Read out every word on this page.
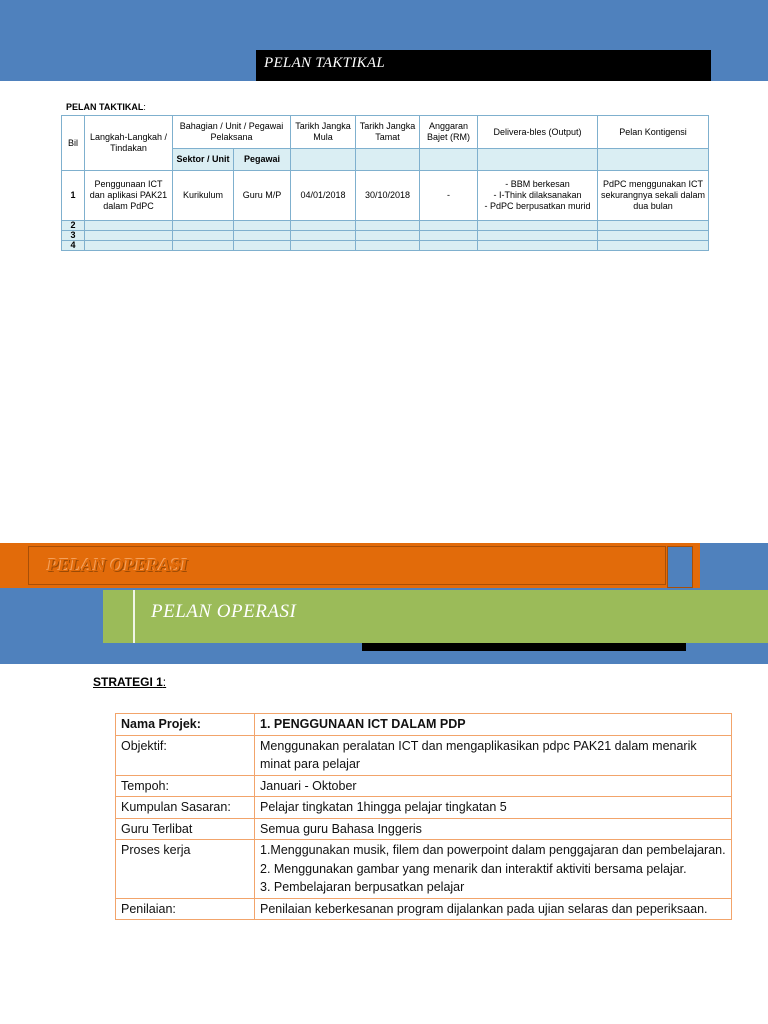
PELAN TAKTIKAL
PELAN TAKTIKAL:
Bil	Langkah-Langkah / Tindakan	Bahagian / Unit / Pegawai Pelaksana		Tarikh Jangka Mula	Tarikh Jangka Tamat	Anggaran Bajet (RM)	Delivera-bles (Output)	Pelan Kontigensi
		Sektor / Unit	Pegawai					
1	Penggunaan ICT dan aplikasi PAK21 dalam PdPC	Kurikulum	Guru M/P	04/01/2018	30/10/2018	-	- BBM berkesan
- I-Think dilaksanakan
- PdPC berpusatkan murid	PdPC menggunakan ICT sekurangnya sekali dalam dua bulan
2								
3								
4								
PELAN OPERASI
PELAN OPERASI
STRATEGI 1:
Nama Projek:	1. PENGGUNAAN ICT DALAM PDP
Objektif:	Menggunakan peralatan ICT dan mengaplikasikan pdpc PAK21 dalam menarik minat para pelajar
Tempoh:	Januari - Oktober
Kumpulan Sasaran:	Pelajar tingkatan 1hingga pelajar tingkatan 5
Guru Terlibat	Semua guru Bahasa Inggeris
Proses kerja	1.Menggunakan musik, filem dan powerpoint dalam penggajaran dan pembelajaran.
2. Menggunakan gambar yang menarik dan interaktif aktiviti bersama pelajar.
3. Pembelajaran berpusatkan pelajar

Penilaian:	Penilaian keberkesanan program dijalankan pada ujian selaras dan peperiksaan.
